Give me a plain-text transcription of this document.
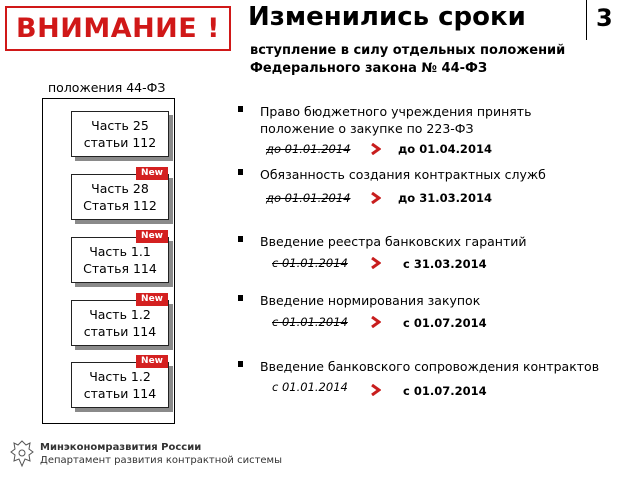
ВНИМАНИЕ !	Изменились сроки	3
вступление в силу отдельных положений
Федерального закона № 44-ФЗ
положения 44-ФЗ
Часть 25
статьи 112
New
Часть 28
Статья 112
New
Часть 1.1
Статья 114
New
Часть 1.2
статьи 114
New
Часть 1.2
статьи 114
Право бюджетного учреждения принять
положение о закупке по 223-ФЗ
до 01.01.2014	до 01.04.2014
Обязанность создания контрактных служб
до 01.01.2014	до 31.03.2014
Введение реестра банковских гарантий
с 01.01.2014	с 31.03.2014
Введение нормирования закупок
с 01.01.2014	с 01.07.2014
Введение банковского сопровождения контрактов
с 01.01.2014	с 01.07.2014
Минэкономразвития России
Департамент развития контрактной системы
